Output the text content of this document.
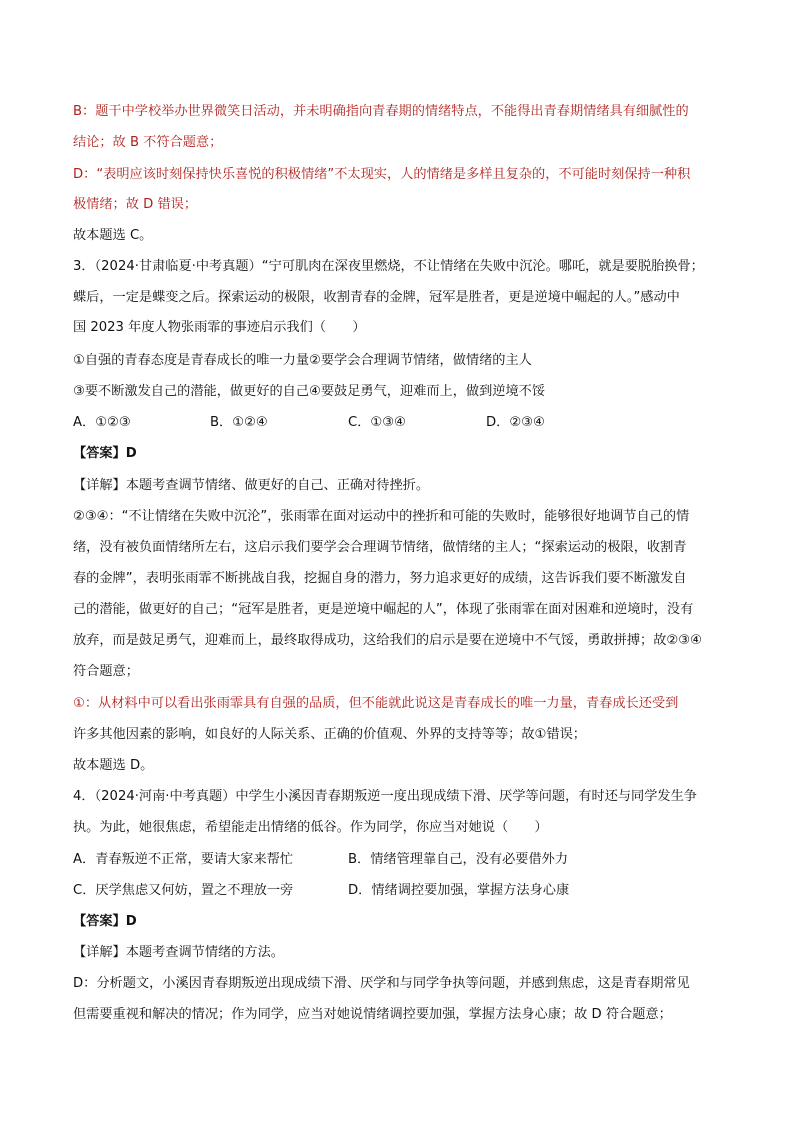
B：题干中学校举办世界微笑日活动，并未明确指向青春期的情绪特点，不能得出青春期情绪具有细腻性的
结论；故 B 不符合题意；
D：“表明应该时刻保持快乐喜悦的积极情绪”不太现实，人的情绪是多样且复杂的，不可能时刻保持一种积
极情绪；故 D 错误；
故本题选 C。
3．（2024·甘肃临夏·中考真题）“宁可肌肉在深夜里燃烧，不让情绪在失败中沉沦。哪吒，就是要脱胎换骨；
蝶后，一定是蝶变之后。探索运动的极限，收割青春的金牌，冠军是胜者，更是逆境中崛起的人。”感动中
国 2023 年度人物张雨霏的事迹启示我们（　　）
①自强的青春态度是青春成长的唯一力量②要学会合理调节情绪，做情绪的主人
③要不断激发自己的潜能，做更好的自己④要鼓足勇气，迎难而上，做到逆境不馁
A．①②③	B．①②④	C．①③④	D．②③④
【答案】D
【详解】本题考查调节情绪、做更好的自己、正确对待挫折。
②③④：“不让情绪在失败中沉沦”，张雨霏在面对运动中的挫折和可能的失败时，能够很好地调节自己的情
绪，没有被负面情绪所左右，这启示我们要学会合理调节情绪，做情绪的主人；“探索运动的极限，收割青
春的金牌”，表明张雨霏不断挑战自我，挖掘自身的潜力，努力追求更好的成绩，这告诉我们要不断激发自
己的潜能，做更好的自己；“冠军是胜者，更是逆境中崛起的人”，体现了张雨霏在面对困难和逆境时，没有
放弃，而是鼓足勇气，迎难而上，最终取得成功，这给我们的启示是要在逆境中不气馁，勇敢拼搏；故②③④
符合题意；
①：从材料中可以看出张雨霏具有自强的品质，但不能就此说这是青春成长的唯一力量，青春成长还受到
许多其他因素的影响，如良好的人际关系、正确的价值观、外界的支持等等；故①错误；
故本题选 D。
4．（2024·河南·中考真题）中学生小溪因青春期叛逆一度出现成绩下滑、厌学等问题，有时还与同学发生争
执。为此，她很焦虑，希望能走出情绪的低谷。作为同学，你应当对她说（　　）
A．青春叛逆不正常，要请大家来帮忙	B．情绪管理靠自己，没有必要借外力
C．厌学焦虑又何妨，置之不理放一旁	D．情绪调控要加强，掌握方法身心康
【答案】D
【详解】本题考查调节情绪的方法。
D：分析题文，小溪因青春期叛逆出现成绩下滑、厌学和与同学争执等问题，并感到焦虑，这是青春期常见
但需要重视和解决的情况；作为同学，应当对她说情绪调控要加强，掌握方法身心康；故 D 符合题意；
